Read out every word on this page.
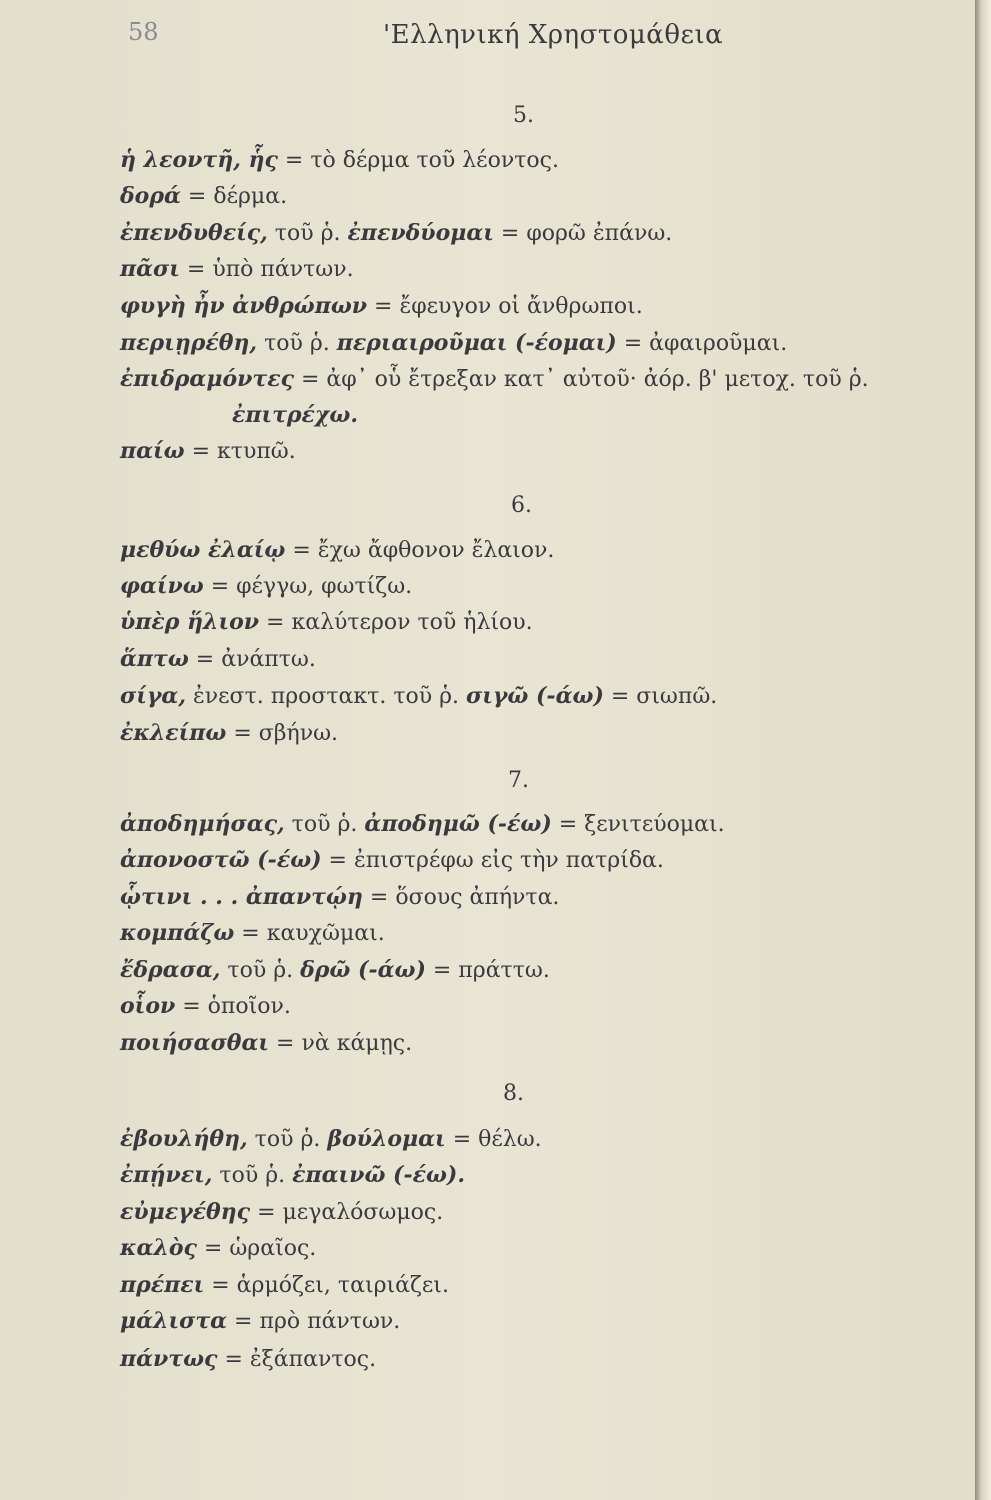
58	'Ελληνική Χρηστομάθεια
5.
ἡ λεοντῆ, ἧς = τὸ δέρμα τοῦ λέοντος.
δορά = δέρμα.
ἐπενδυθείς, τοῦ ῥ. ἐπενδύομαι = φορῶ ἐπάνω.
πᾶσι = ὑπὸ πάντων.
φυγὴ ἦν ἀνθρώπων = ἔφευγον οἱ ἄνθρωποι.
περιῃρέθη, τοῦ ῥ. περιαιροῦμαι (-έομαι) = ἀφαιροῦμαι.
ἐπιδραμόντες = ἀφ᾽ οὗ ἔτρεξαν κατ᾽ αὐτοῦ· ἀόρ. β' μετοχ. τοῦ ῥ.
ἐπιτρέχω.
παίω = κτυπῶ.
6.
μεθύω ἐλαίῳ = ἔχω ἄφθονον ἔλαιον.
φαίνω = φέγγω, φωτίζω.
ὑπὲρ ἥλιον = καλύτερον τοῦ ἡλίου.
ἅπτω = ἀνάπτω.
σίγα, ἐνεστ. προστακτ. τοῦ ῥ. σιγῶ (-άω) = σιωπῶ.
ἐκλείπω = σβήνω.
7.
ἀποδημήσας, τοῦ ῥ. ἀποδημῶ (-έω) = ξενιτεύομαι.
ἀπονοστῶ (-έω) = ἐπιστρέφω εἰς τὴν πατρίδα.
ᾧτινι . . . ἀπαντῴη = ὅσους ἀπήντα.
κομπάζω = καυχῶμαι.
ἔδρασα, τοῦ ῥ. δρῶ (-άω) = πράττω.
οἷον = ὁποῖον.
ποιήσασθαι = νὰ κάμῃς.
8.
ἐβουλήθη, τοῦ ῥ. βούλομαι = θέλω.
ἐπῄνει, τοῦ ῥ. ἐπαινῶ (-έω).
εὐμεγέθης = μεγαλόσωμος.
καλὸς = ὡραῖος.
πρέπει = ἁρμόζει, ταιριάζει.
μάλιστα = πρὸ πάντων.
πάντως = ἐξάπαντος.
